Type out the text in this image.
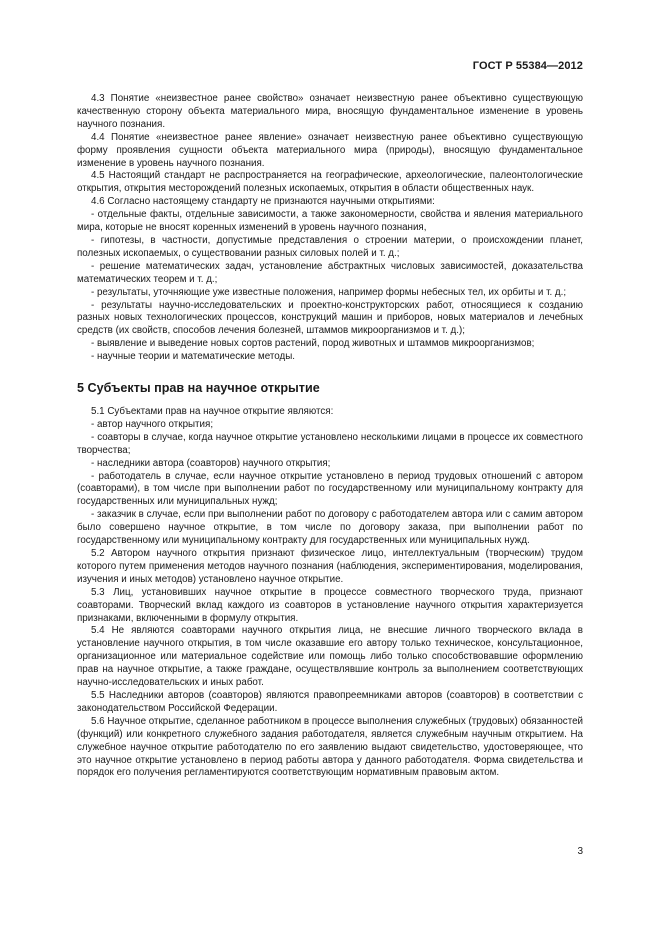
ГОСТ Р 55384—2012

4.3 Понятие «неизвестное ранее свойство» означает неизвестную ранее объективно существующую качественную сторону объекта материального мира, вносящую фундаментальное изменение в уровень научного познания.

4.4 Понятие «неизвестное ранее явление» означает неизвестную ранее объективно существующую форму проявления сущности объекта материального мира (природы), вносящую фундаментальное изменение в уровень научного познания.

4.5 Настоящий стандарт не распространяется на географические, археологические, палеонтологические открытия, открытия месторождений полезных ископаемых, открытия в области общественных наук.

4.6 Согласно настоящему стандарту не признаются научными открытиями:

- отдельные факты, отдельные зависимости, а также закономерности, свойства и явления материального мира, которые не вносят коренных изменений в уровень научного познания,

- гипотезы, в частности, допустимые представления о строении материи, о происхождении планет, полезных ископаемых, о существовании разных силовых полей и т. д.;

- решение математических задач, установление абстрактных числовых зависимостей, доказательства математических теорем и т. д.;

- результаты, уточняющие уже известные положения, например формы небесных тел, их орбиты и т. д.;

- результаты научно-исследовательских и проектно-конструкторских работ, относящиеся к созданию разных новых технологических процессов, конструкций машин и приборов, новых материалов и лечебных средств (их свойств, способов лечения болезней, штаммов микроорганизмов и т. д.);

- выявление и выведение новых сортов растений, пород животных и штаммов микроорганизмов;

- научные теории и математические методы.

5 Субъекты прав на научное открытие

5.1 Субъектами прав на научное открытие являются:

- автор научного открытия;

- соавторы в случае, когда научное открытие установлено несколькими лицами в процессе их совместного творчества;

- наследники автора (соавторов) научного открытия;

- работодатель в случае, если научное открытие установлено в период трудовых отношений с автором (соавторами), в том числе при выполнении работ по государственному или муниципальному контракту для государственных или муниципальных нужд;

- заказчик в случае, если при выполнении работ по договору с работодателем автора или с самим автором было совершено научное открытие, в том числе по договору заказа, при выполнении работ по государственному или муниципальному контракту для государственных или муниципальных нужд.

5.2 Автором научного открытия признают физическое лицо, интеллектуальным (творческим) трудом которого путем применения методов научного познания (наблюдения, экспериментирования, моделирования, изучения и иных методов) установлено научное открытие.

5.3 Лиц, установивших научное открытие в процессе совместного творческого труда, признают соавторами. Творческий вклад каждого из соавторов в установление научного открытия характеризуется признаками, включенными в формулу открытия.

5.4 Не являются соавторами научного открытия лица, не внесшие личного творческого вклада в установление научного открытия, в том числе оказавшие его автору только техническое, консультационное, организационное или материальное содействие или помощь либо только способствовавшие оформлению прав на научное открытие, а также граждане, осуществлявшие контроль за выполнением соответствующих научно-исследовательских и иных работ.

5.5 Наследники авторов (соавторов) являются правопреемниками авторов (соавторов) в соответствии с законодательством Российской Федерации.

5.6 Научное открытие, сделанное работником в процессе выполнения служебных (трудовых) обязанностей (функций) или конкретного служебного задания работодателя, является служебным научным открытием. На служебное научное открытие работодателю по его заявлению выдают свидетельство, удостоверяющее, что это научное открытие установлено в период работы автора у данного работодателя. Форма свидетельства и порядок его получения регламентируются соответствующим нормативным правовым актом.

3
